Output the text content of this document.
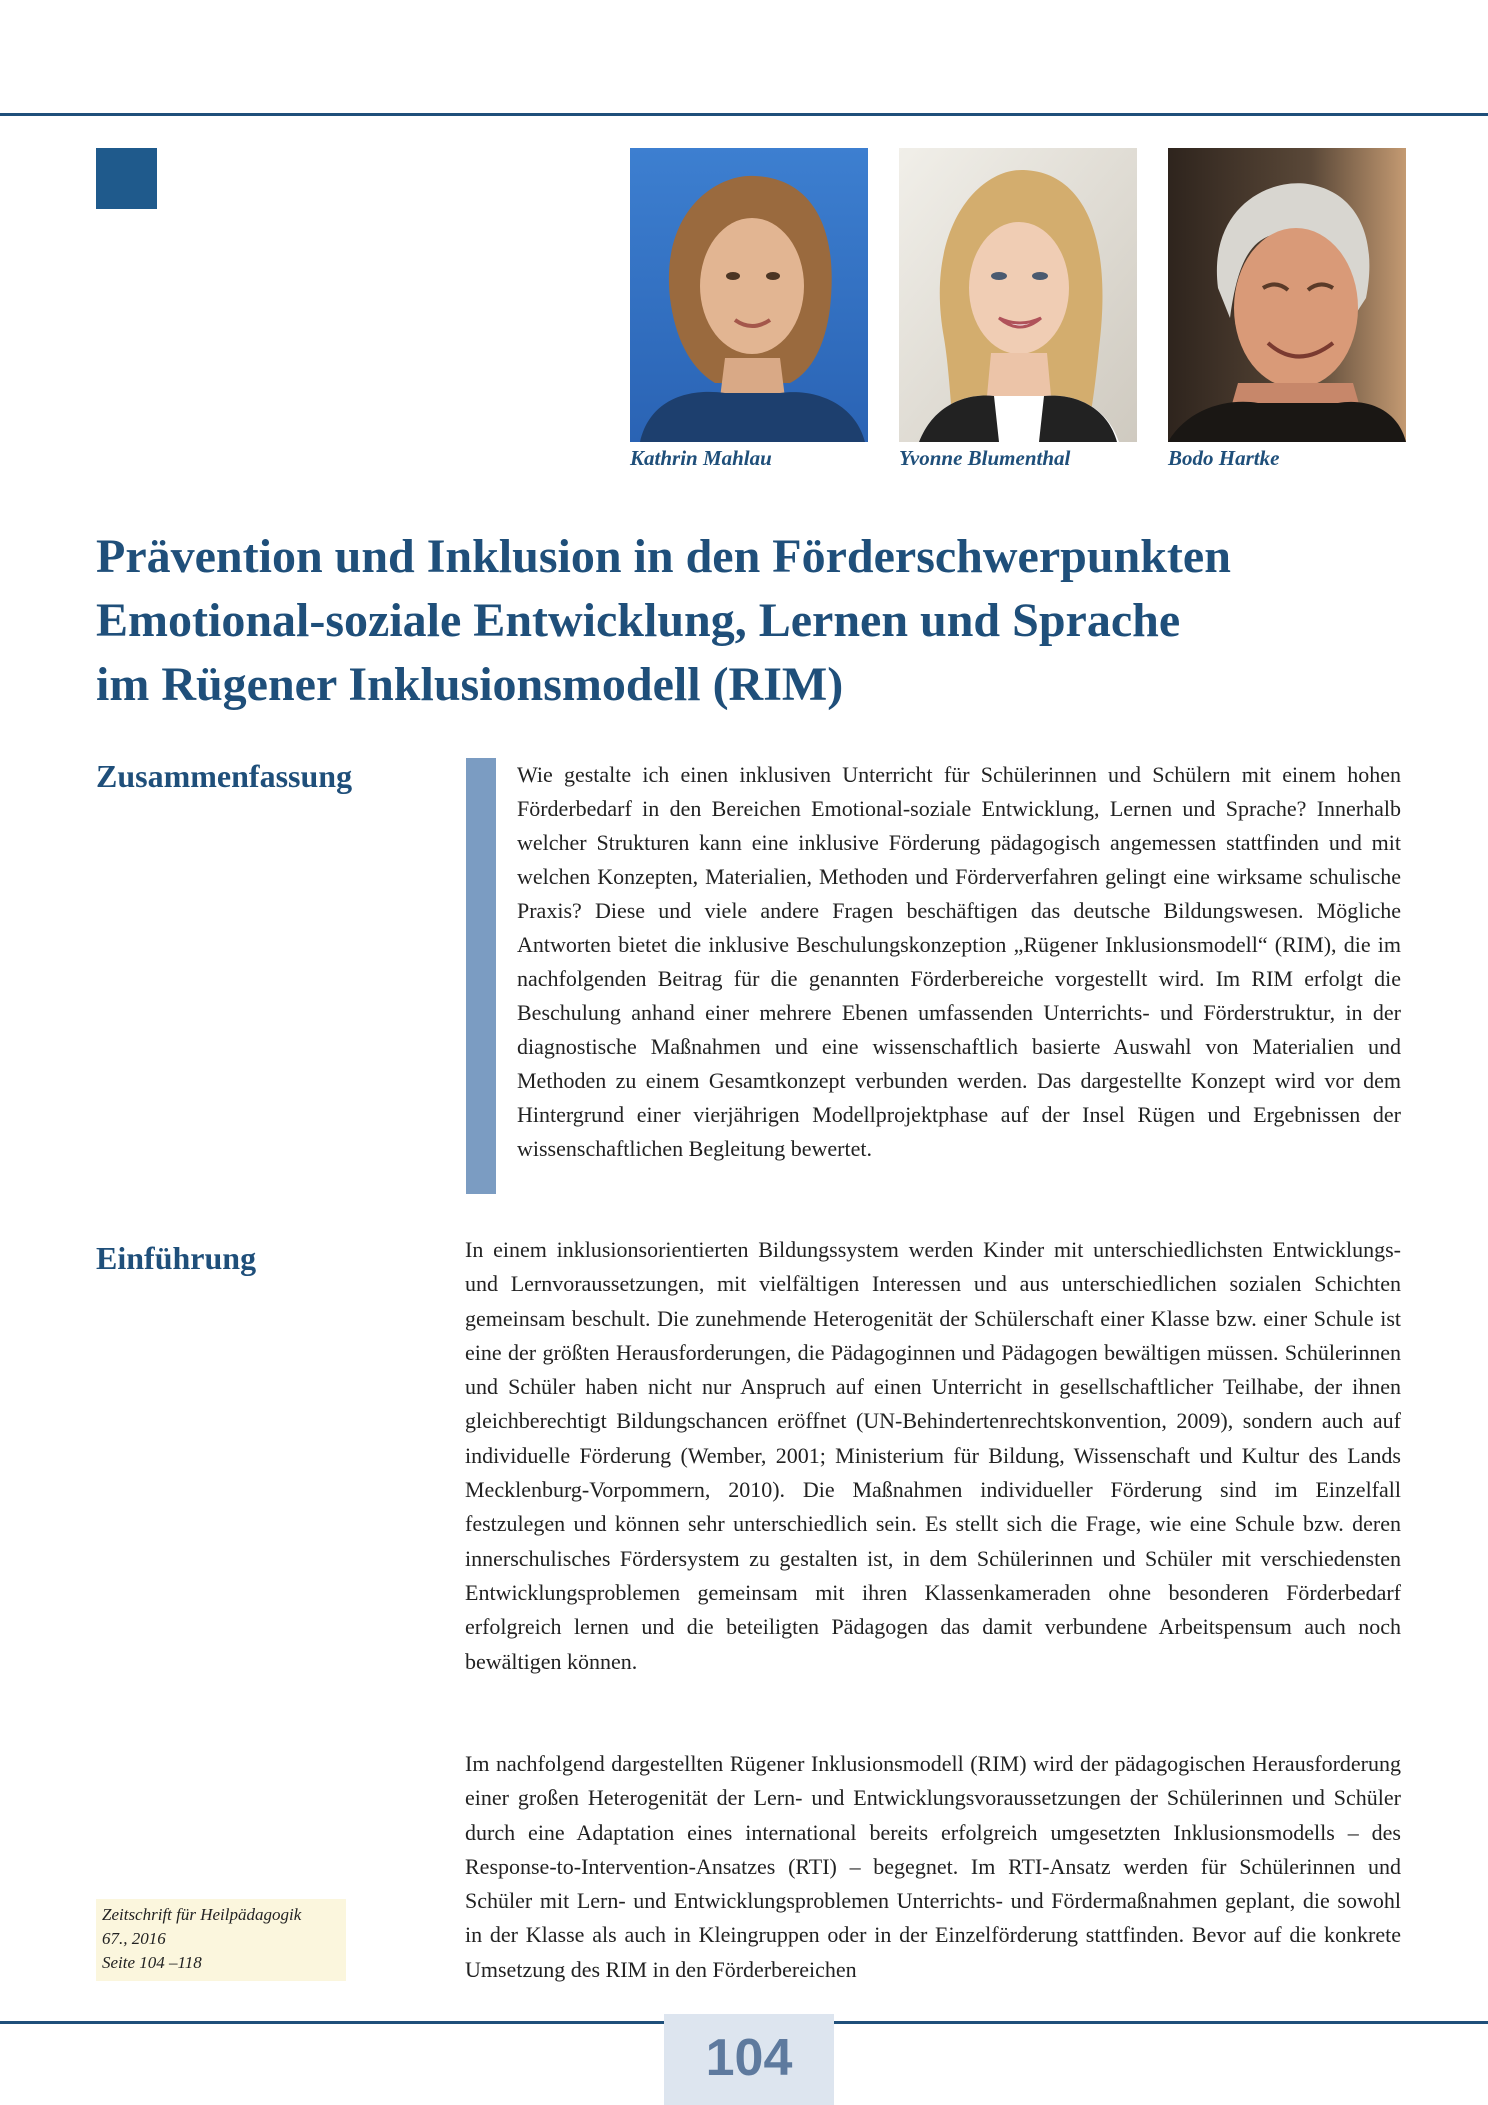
Kathrin Mahlau	Yvonne Blumenthal	Bodo Hartke
Prävention und Inklusion in den Förderschwerpunkten
Emotional-soziale Entwicklung, Lernen und Sprache
im Rügener Inklusionsmodell (RIM)
Zusammenfassung	Wie gestalte ich einen inklusiven Unterricht für Schülerinnen und Schülern mit einem hohen Förderbedarf in den Bereichen Emotional-soziale Entwicklung, Lernen und Sprache? Innerhalb welcher Strukturen kann eine inklusive Förderung pädagogisch angemessen stattfinden und mit welchen Konzepten, Materialien, Methoden und Förderverfahren gelingt eine wirksame schulische Praxis? Diese und viele andere Fragen beschäftigen das deutsche Bildungswesen. Mögliche Antworten bietet die inklusive Beschulungskonzeption „Rügener Inklusionsmodell“ (RIM), die im nachfolgenden Beitrag für die genannten Förderbereiche vorgestellt wird. Im RIM erfolgt die Beschulung anhand einer mehrere Ebenen umfassenden Unterrichts- und Förderstruktur, in der diagnostische Maßnahmen und eine wissenschaftlich basierte Auswahl von Materialien und Methoden zu einem Gesamtkonzept verbunden werden. Das dargestellte Konzept wird vor dem Hintergrund einer vierjährigen Modellprojektphase auf der Insel Rügen und Ergebnissen der wissenschaftlichen Begleitung bewertet.

Einführung	In einem inklusionsorientierten Bildungssystem werden Kinder mit unterschiedlichsten Entwicklungs- und Lernvoraussetzungen, mit vielfältigen Interessen und aus unterschiedlichen sozialen Schichten gemeinsam beschult. Die zunehmende Heterogenität der Schülerschaft einer Klasse bzw. einer Schule ist eine der größten Herausforderungen, die Pädagoginnen und Pädagogen bewältigen müssen. Schülerinnen und Schüler haben nicht nur Anspruch auf einen Unterricht in gesellschaftlicher Teilhabe, der ihnen gleichberechtigt Bildungschancen eröffnet (UN-Behindertenrechtskonvention, 2009), sondern auch auf individuelle Förderung (Wember, 2001; Ministerium für Bildung, Wissenschaft und Kultur des Lands Mecklenburg-Vorpommern, 2010). Die Maßnahmen individueller Förderung sind im Einzelfall festzulegen und können sehr unterschiedlich sein. Es stellt sich die Frage, wie eine Schule bzw. deren innerschulisches Fördersystem zu gestalten ist, in dem Schülerinnen und Schüler mit verschiedensten Entwicklungsproblemen gemeinsam mit ihren Klassenkameraden ohne besonderen Förderbedarf erfolgreich lernen und die beteiligten Pädagogen das damit verbundene Arbeitspensum auch noch bewältigen können.

Im nachfolgend dargestellten Rügener Inklusionsmodell (RIM) wird der pädagogischen Herausforderung einer großen Heterogenität der Lern- und Entwicklungsvoraussetzungen der Schülerinnen und Schüler durch eine Adaptation eines international bereits erfolgreich umgesetzten Inklusionsmodells – des Response-to-Intervention-Ansatzes (RTI) – begegnet. Im RTI-Ansatz werden für Schülerinnen und Schüler mit Lern- und Entwicklungsproblemen Unterrichts- und Fördermaßnahmen geplant, die sowohl in der Klasse als auch in Kleingruppen oder in der Einzelförderung stattfinden. Bevor auf die konkrete Umsetzung des RIM in den Förderbereichen

Zeitschrift für Heilpädagogik
67., 2016
Seite 104 –118
104
